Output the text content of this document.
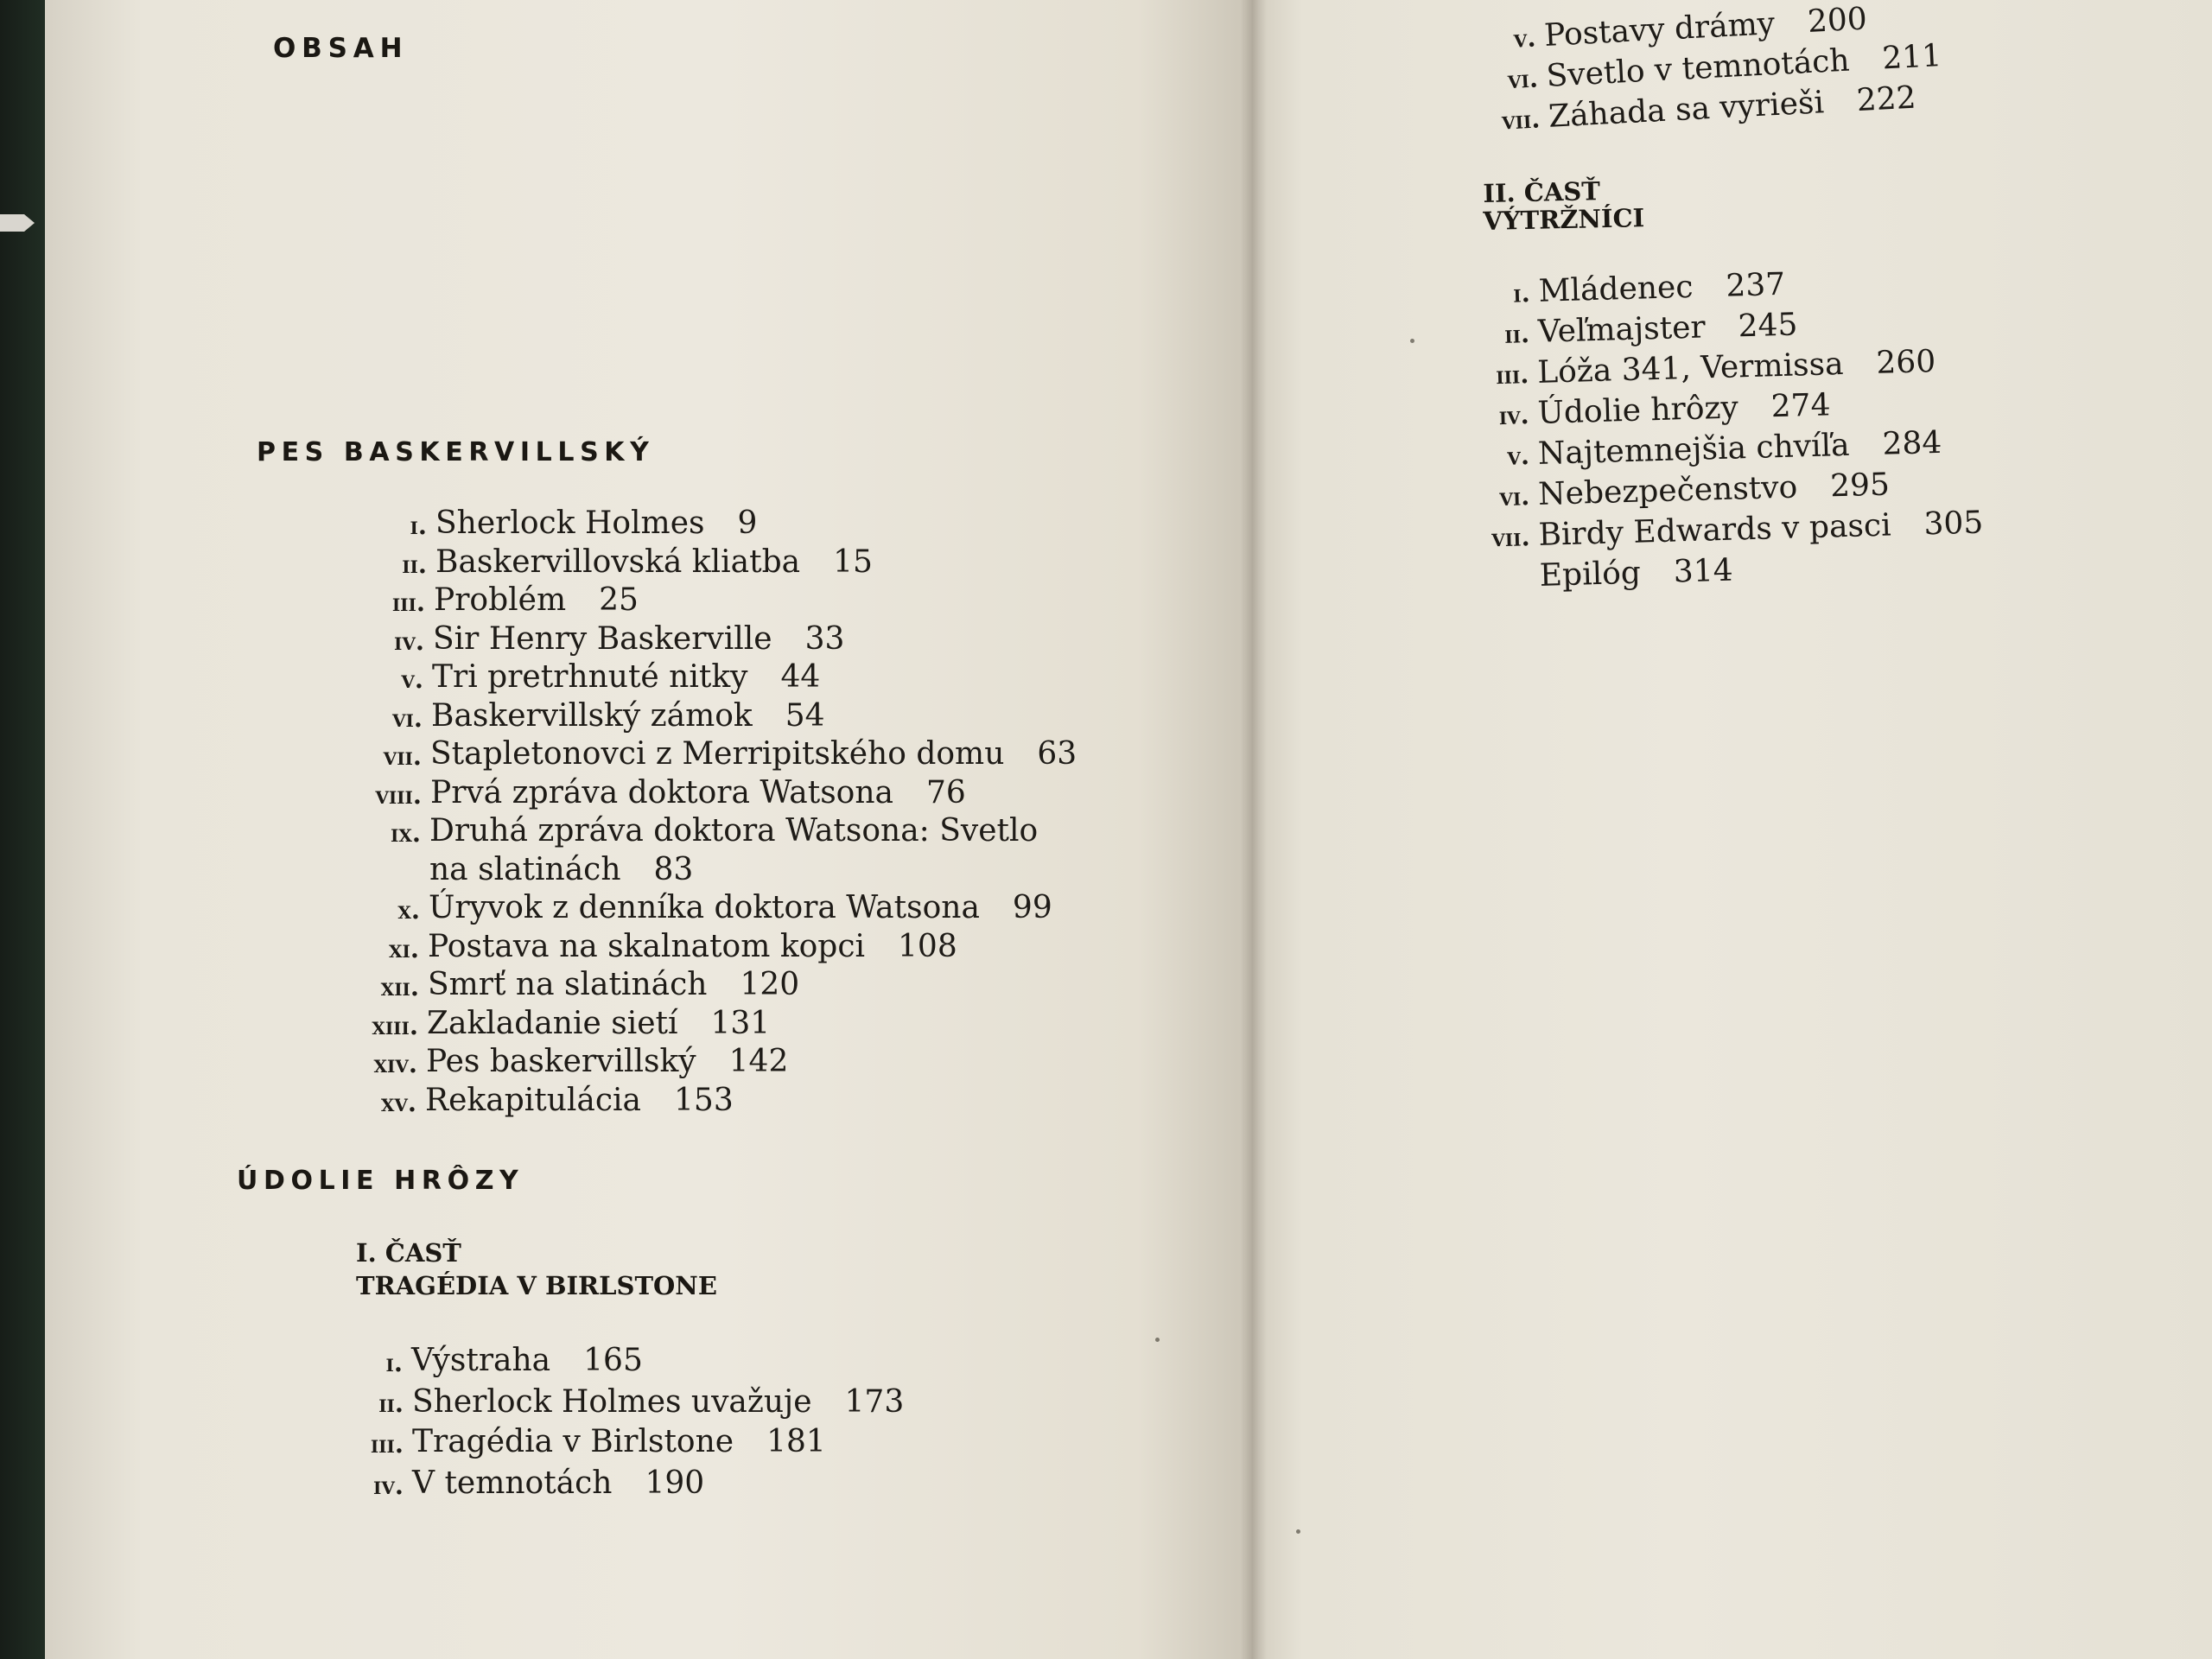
OBSAH
PES BASKERVILLSKÝ
i. Sherlock Holmes 9
ii. Baskervillovská kliatba 15
iii. Problém 25
iv. Sir Henry Baskerville 33
v. Tri pretrhnuté nitky 44
vi. Baskervillský zámok 54
vii. Stapletonovci z Merripitského domu 63
viii. Prvá zpráva doktora Watsona 76
ix. Druhá zpráva doktora Watsona: Svetlo
na slatinách 83
x. Úryvok z denníka doktora Watsona 99
xi. Postava na skalnatom kopci 108
xii. Smrť na slatinách 120
xiii. Zakladanie sietí 131
xiv. Pes baskervillský 142
xv. Rekapitulácia 153
ÚDOLIE HRÔZY
I. ČASŤ
TRAGÉDIA V BIRLSTONE
i. Výstraha 165
ii. Sherlock Holmes uvažuje 173
iii. Tragédia v Birlstone 181
iv. V temnotách 190
v. Postavy drámy 200
vi. Svetlo v temnotách 211
vii. Záhada sa vyrieši 222
II. ČASŤ
VÝTRŽNÍCI
i. Mládenec 237
ii. Veľmajster 245
iii. Lóža 341, Vermissa 260
iv. Údolie hrôzy 274
v. Najtemnejšia chvíľa 284
vi. Nebezpečenstvo 295
vii. Birdy Edwards v pasci 305
Epilóg 314
